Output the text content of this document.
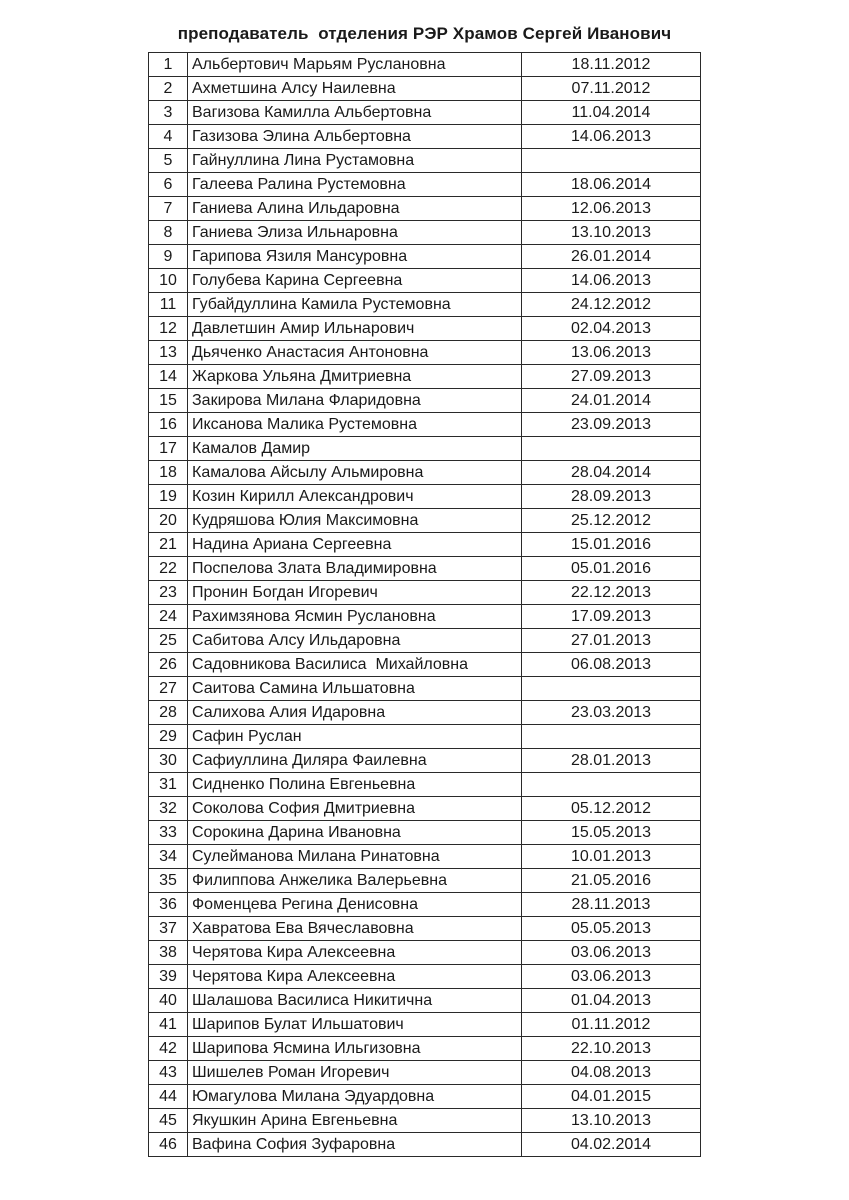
преподаватель  отделения РЭР Храмов Сергей Иванович
1	Альбертович Марьям Руслановна	18.11.2012
2	Ахметшина Алсу Наилевна	07.11.2012
3	Вагизова Камилла Альбертовна	11.04.2014
4	Газизова Элина Альбертовна	14.06.2013
5	Гайнуллина Лина Рустамовна	
6	Галеева Ралина Рустемовна	18.06.2014
7	Ганиева Алина Ильдаровна	12.06.2013
8	Ганиева Элиза Ильнаровна	13.10.2013
9	Гарипова Язиля Мансуровна	26.01.2014
10	Голубева Карина Сергеевна	14.06.2013
11	Губайдуллина Камила Рустемовна	24.12.2012
12	Давлетшин Амир Ильнарович	02.04.2013
13	Дьяченко Анастасия Антоновна	13.06.2013
14	Жаркова Ульяна Дмитриевна	27.09.2013
15	Закирова Милана Фларидовна	24.01.2014
16	Иксанова Малика Рустемовна	23.09.2013
17	Камалов Дамир	
18	Камалова Айсылу Альмировна	28.04.2014
19	Козин Кирилл Александрович	28.09.2013
20	Кудряшова Юлия Максимовна	25.12.2012
21	Надина Ариана Сергеевна	15.01.2016
22	Поспелова Злата Владимировна	05.01.2016
23	Пронин Богдан Игоревич	22.12.2013
24	Рахимзянова Ясмин Руслановна	17.09.2013
25	Сабитова Алсу Ильдаровна	27.01.2013
26	Садовникова Василиса  Михайловна	06.08.2013
27	Саитова Самина Ильшатовна	
28	Салихова Алия Идаровна	23.03.2013
29	Сафин Руслан	
30	Сафиуллина Диляра Фаилевна	28.01.2013
31	Сидненко Полина Евгеньевна	
32	Соколова София Дмитриевна	05.12.2012
33	Сорокина Дарина Ивановна	15.05.2013
34	Сулейманова Милана Ринатовна	10.01.2013
35	Филиппова Анжелика Валерьевна	21.05.2016
36	Фоменцева Регина Денисовна	28.11.2013
37	Хавратова Ева Вячеславовна	05.05.2013
38	Черятова Кира Алексеевна	03.06.2013
39	Черятова Кира Алексеевна	03.06.2013
40	Шалашова Василиса Никитична	01.04.2013
41	Шарипов Булат Ильшатович	01.11.2012
42	Шарипова Ясмина Ильгизовна	22.10.2013
43	Шишелев Роман Игоревич	04.08.2013
44	Юмагулова Милана Эдуардовна	04.01.2015
45	Якушкин Арина Евгеньевна	13.10.2013
46	Вафина София Зуфаровна	04.02.2014
